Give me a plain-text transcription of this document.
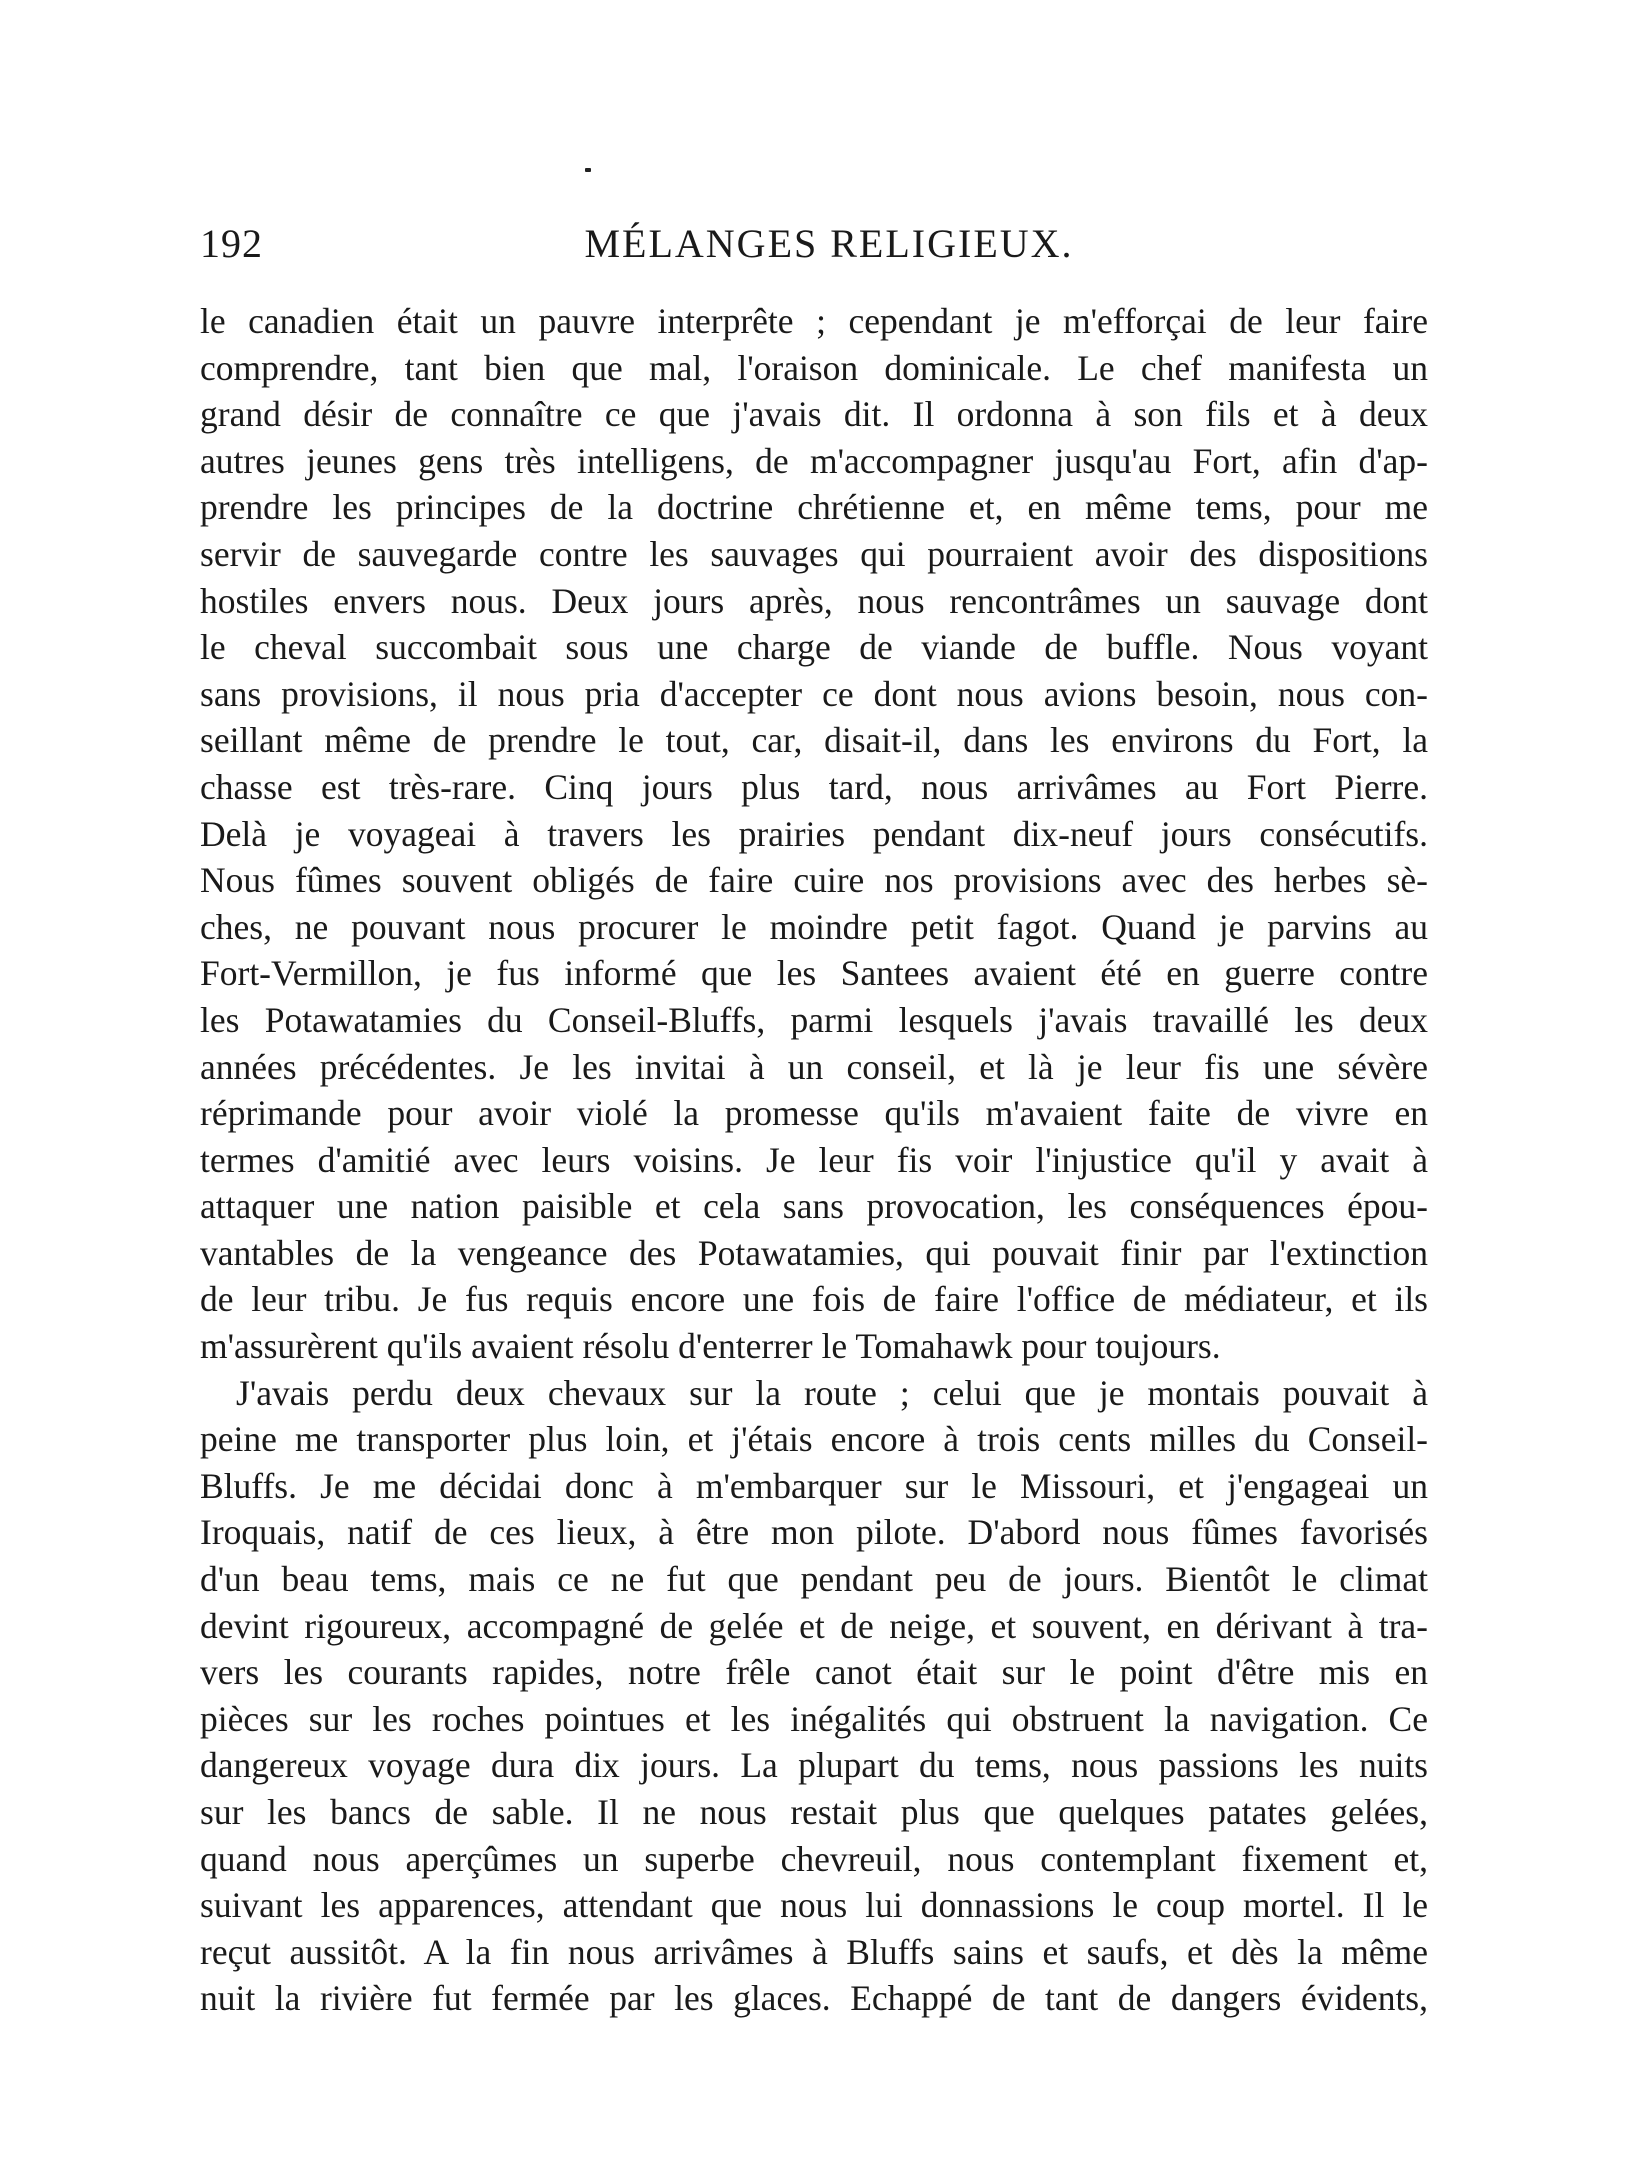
192	MÉLANGES RELIGIEUX.
le canadien était un pauvre interprête ; cependant je m'efforçai de leur faire
comprendre, tant bien que mal, l'oraison dominicale. Le chef manifesta un
grand désir de connaître ce que j'avais dit. Il ordonna à son fils et à deux
autres jeunes gens très intelligens, de m'accompagner jusqu'au Fort, afin d'ap-
prendre les principes de la doctrine chrétienne et, en même tems, pour me
servir de sauvegarde contre les sauvages qui pourraient avoir des dispositions
hostiles envers nous. Deux jours après, nous rencontrâmes un sauvage dont
le cheval succombait sous une charge de viande de buffle. Nous voyant
sans provisions, il nous pria d'accepter ce dont nous avions besoin, nous con-
seillant même de prendre le tout, car, disait-il, dans les environs du Fort, la
chasse est très-rare. Cinq jours plus tard, nous arrivâmes au Fort Pierre.
Delà je voyageai à travers les prairies pendant dix-neuf jours consécutifs.
Nous fûmes souvent obligés de faire cuire nos provisions avec des herbes sè-
ches, ne pouvant nous procurer le moindre petit fagot. Quand je parvins au
Fort-Vermillon, je fus informé que les Santees avaient été en guerre contre
les Potawatamies du Conseil-Bluffs, parmi lesquels j'avais travaillé les deux
années précédentes. Je les invitai à un conseil, et là je leur fis une sévère
réprimande pour avoir violé la promesse qu'ils m'avaient faite de vivre en
termes d'amitié avec leurs voisins. Je leur fis voir l'injustice qu'il y avait à
attaquer une nation paisible et cela sans provocation, les conséquences épou-
vantables de la vengeance des Potawatamies, qui pouvait finir par l'extinction
de leur tribu. Je fus requis encore une fois de faire l'office de médiateur, et ils
m'assurèrent qu'ils avaient résolu d'enterrer le Tomahawk pour toujours.
J'avais perdu deux chevaux sur la route ; celui que je montais pouvait à
peine me transporter plus loin, et j'étais encore à trois cents milles du Conseil-
Bluffs. Je me décidai donc à m'embarquer sur le Missouri, et j'engageai un
Iroquais, natif de ces lieux, à être mon pilote. D'abord nous fûmes favorisés
d'un beau tems, mais ce ne fut que pendant peu de jours. Bientôt le climat
devint rigoureux, accompagné de gelée et de neige, et souvent, en dérivant à tra-
vers les courants rapides, notre frêle canot était sur le point d'être mis en
pièces sur les roches pointues et les inégalités qui obstruent la navigation. Ce
dangereux voyage dura dix jours. La plupart du tems, nous passions les nuits
sur les bancs de sable. Il ne nous restait plus que quelques patates gelées,
quand nous aperçûmes un superbe chevreuil, nous contemplant fixement et,
suivant les apparences, attendant que nous lui donnassions le coup mortel. Il le
reçut aussitôt. A la fin nous arrivâmes à Bluffs sains et saufs, et dès la même
nuit la rivière fut fermée par les glaces. Echappé de tant de dangers évidents,
